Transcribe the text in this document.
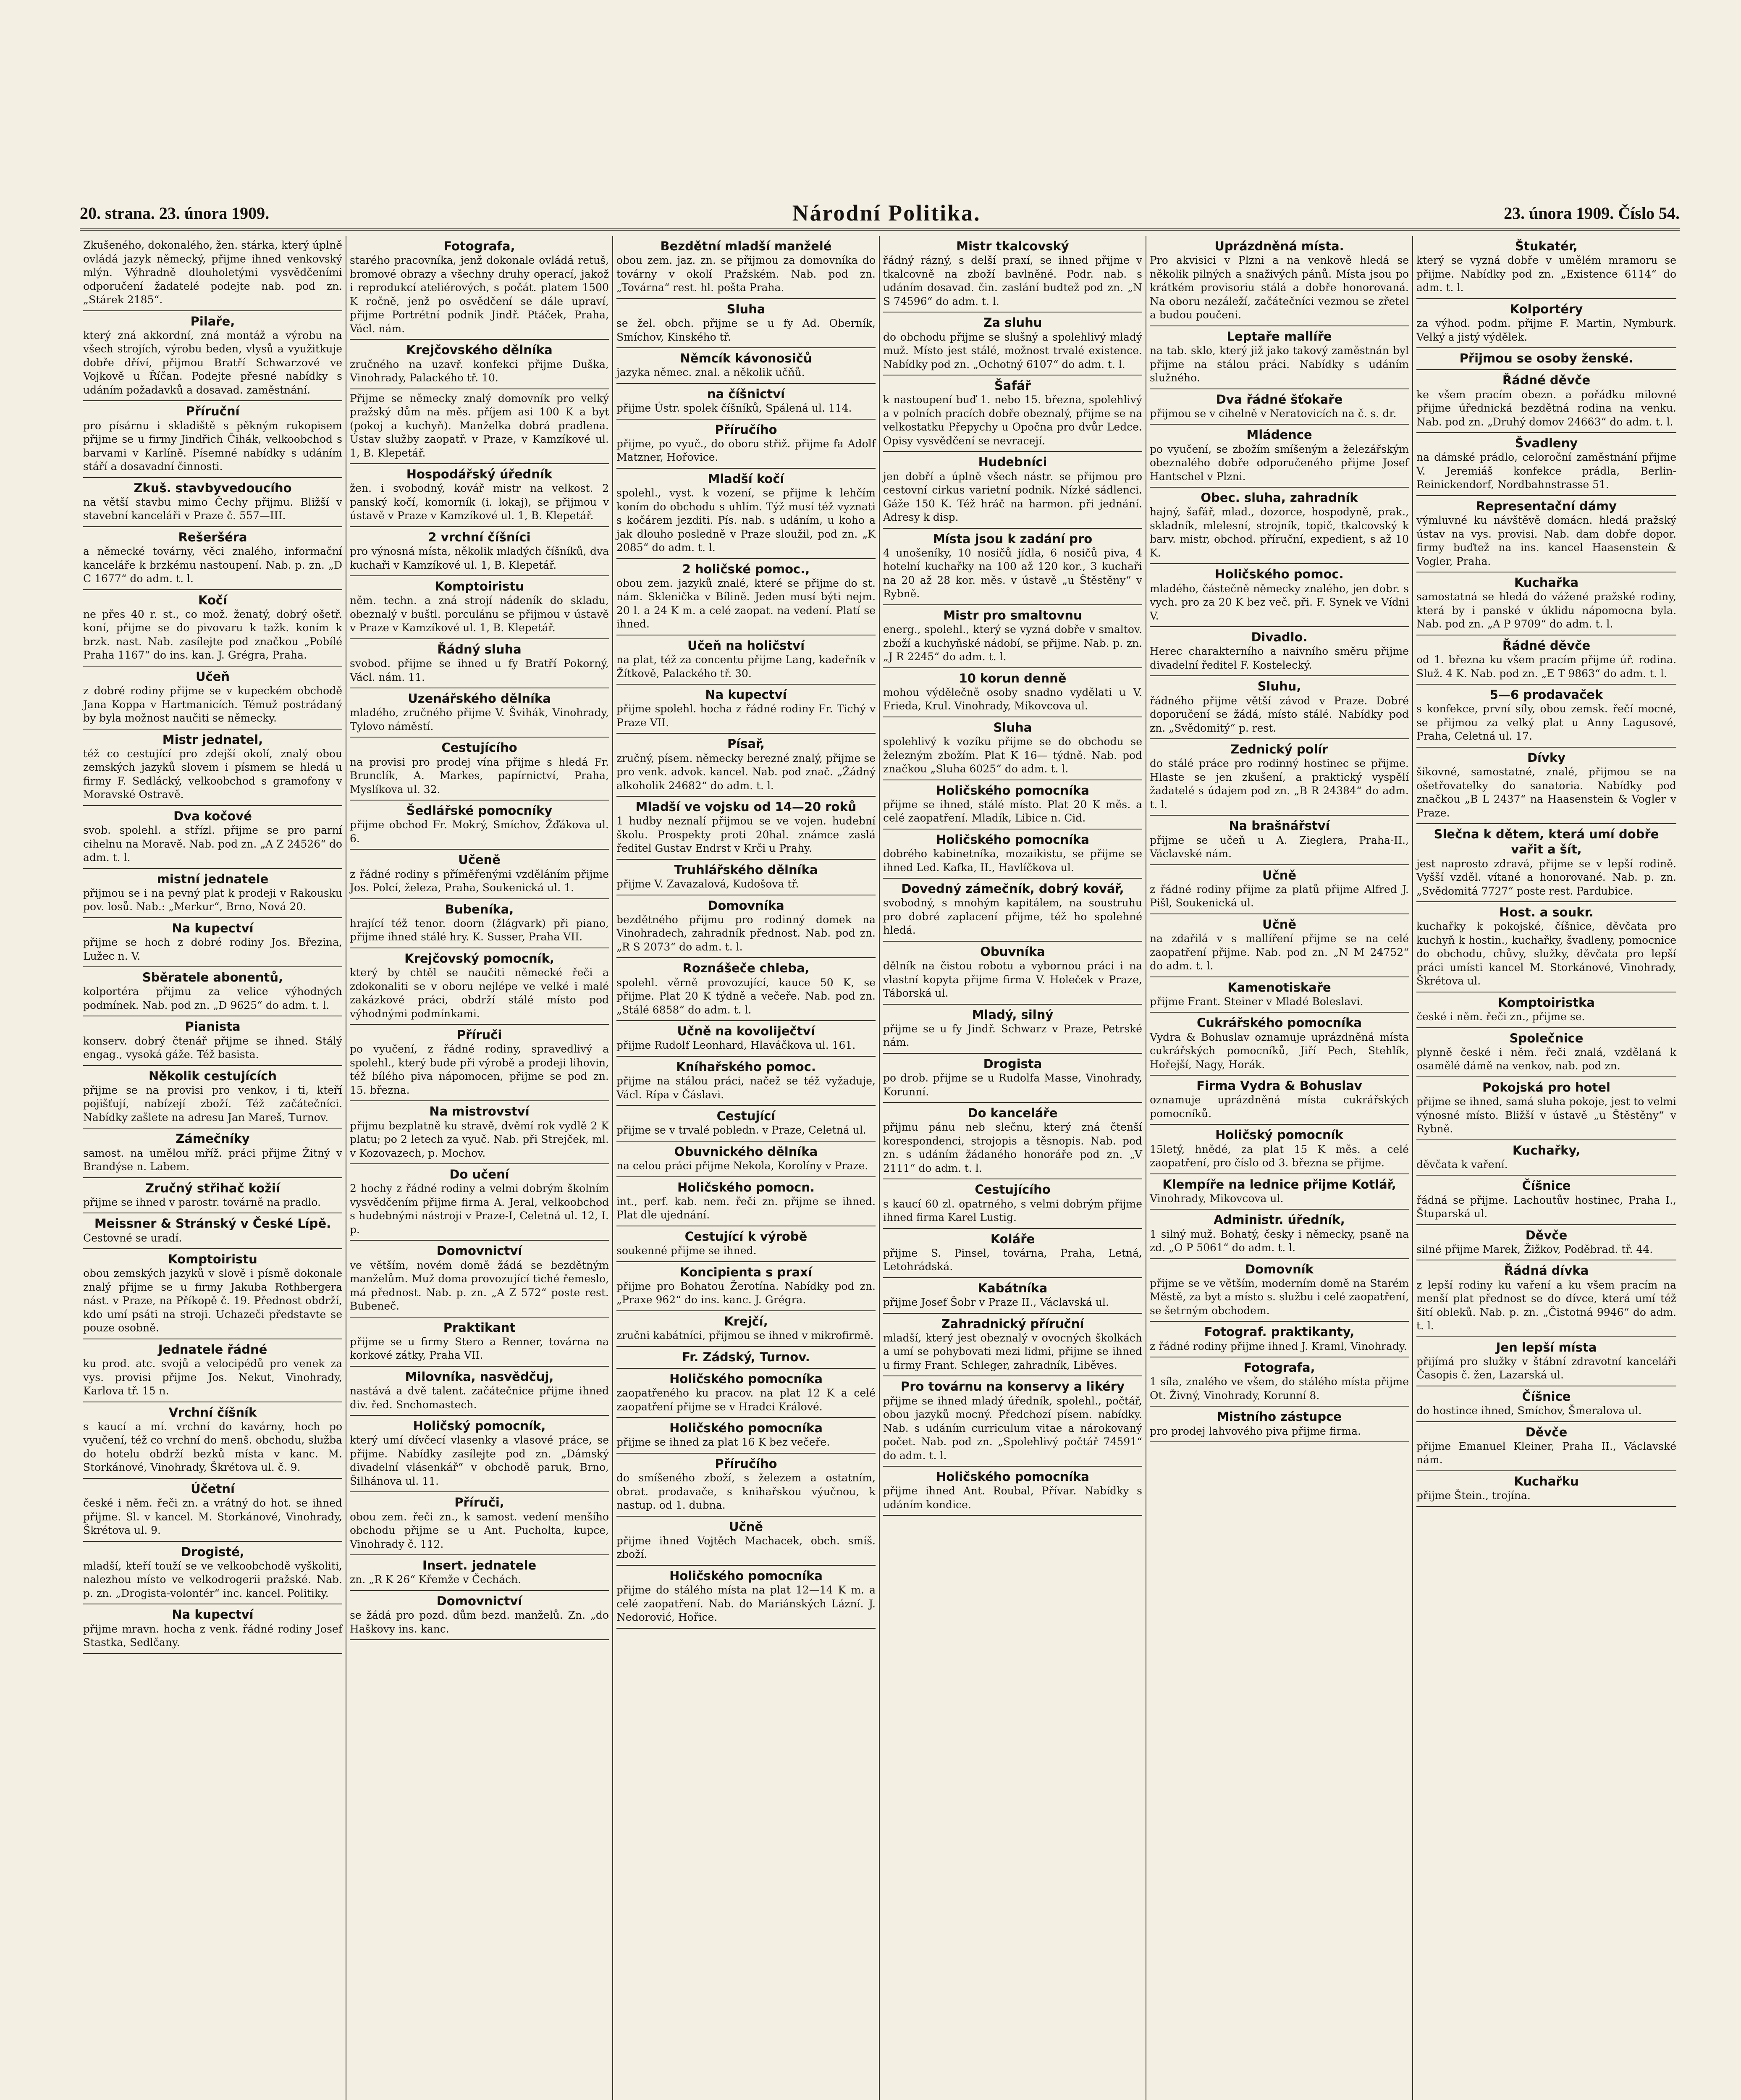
20. strana. 23. února 1909.	Národní Politika.	23. února 1909. Číslo 54.
Zkušeného, dokonalého, žen. stárka, který úplně ovládá jazyk německý, přijme ihned venkovský mlýn. Výhradně dlouholetými vysvědčeními odporučení žadatelé podejte nab. pod zn. „Stárek 2185“.
Pilaře,
který zná akkordní, zná montáž a výrobu na všech strojích, výrobu beden, vlysů a využitkuje dobře dříví, přijmou Bratří Schwarzové ve Vojkově u Říčan. Podejte přesné nabídky s udáním požadavků a dosavad. zaměstnání.
Příruční
pro písárnu i skladiště s pěkným rukopisem přijme se u firmy Jindřich Čihák, velkoobchod s barvami v Karlíně. Písemné nabídky s udáním stáří a dosavadní činnosti.
Zkuš. stavbyvedoucího
na větší stavbu mimo Čechy přijmu. Bližší v stavební kanceláři v Praze č. 557—III.
Rešeršéra
a německé továrny, věci znalého, informační kanceláře k brzkému nastoupení. Nab. p. zn. „D C 1677“ do adm. t. l.
Kočí
ne přes 40 r. st., co mož. ženatý, dobrý ošetř. koní, přijme se do pivovaru k tažk. koním k brzk. nast. Nab. zasílejte pod značkou „Pobílé Praha 1167“ do ins. kan. J. Grégra, Praha.
Učeň
z dobré rodiny přijme se v kupeckém obchodě Jana Koppa v Hartmanicích. Témuž postrádaný by byla možnost naučiti se německy.
Mistr jednatel,
též co cestující pro zdejší okolí, znalý obou zemských jazyků slovem i písmem se hledá u firmy F. Sedlácký, velkoobchod s gramofony v Moravské Ostravě.
Dva kočové
svob. spolehl. a střízl. přijme se pro parní cihelnu na Moravě. Nab. pod zn. „A Z 24526“ do adm. t. l.
mistní jednatele
přijmou se i na pevný plat k prodeji v Rakousku pov. losů. Nab.: „Merkur“, Brno, Nová 20.
Na kupectví
přijme se hoch z dobré rodiny Jos. Březina, Lužec n. V.
Sběratele abonentů,
kolportéra přijmu za velice výhodných podmínek. Nab. pod zn. „D 9625“ do adm. t. l.
Pianista
konserv. dobrý čtenář přijme se ihned. Stálý engag., vysoká gáže. Též basista.
Několik cestujících
přijme se na provisi pro venkov, i ti, kteří pojišťují, nabízejí zboží. Též začátečníci. Nabídky zašlete na adresu Jan Mareš, Turnov.
Zámečníky
samost. na umělou mříž. práci přijme Žitný v Brandýse n. Labem.
Zručný střihač kožií
přijme se ihned v parostr. továrně na pradlo.
Meissner & Stránský v České Lípě.
Cestovné se uradí.
Komptoiristu
obou zemských jazyků v slově i písmě dokonale znalý přijme se u firmy Jakuba Rothbergera nást. v Praze, na Příkopě č. 19. Přednost obdrží, kdo umí psáti na stroji. Uchazeči představte se pouze osobně.
Jednatele řádné
ku prod. atc. svojů a velocipédů pro venek za vys. provisi přijme Jos. Nekut, Vinohrady, Karlova tř. 15 n.
Vrchní číšník
s kaucí a mí. vrchní do kavárny, hoch po vyučení, též co vrchní do menš. obchodu, služba do hotelu obdrží bezků místa v kanc. M. Storkánové, Vinohrady, Škrétova ul. č. 9.
Účetní
české i něm. řeči zn. a vrátný do hot. se ihned přijme. Sl. v kancel. M. Storkánové, Vinohrady, Škrétova ul. 9.
Drogisté,
mladší, kteří touží se ve velkoobchodě vyškoliti, nalezhou místo ve velkodrogerii pražské. Nab. p. zn. „Drogista-volontér“ inc. kancel. Politiky.
Na kupectví
přijme mravn. hocha z venk. řádné rodiny Josef Stastka, Sedlčany.
Fotografa,
starého pracovníka, jenž dokonale ovládá retuš, bromové obrazy a všechny druhy operací, jakož i reprodukcí ateliérových, s počát. platem 1500 K ročně, jenž po osvědčení se dále upraví, přijme Portrétní podnik Jindř. Ptáček, Praha, Václ. nám.
Krejčovského dělníka
zručného na uzavř. konfekci přijme Duška, Vinohrady, Palackého tř. 10.
Přijme se německy znalý domovník pro velký pražský dům na měs. příjem asi 100 K a byt (pokoj a kuchyň). Manželka dobrá pradlena. Ústav služby zaopatř. v Praze, v Kamzíkové ul. 1, B. Klepetář.
Hospodářský úředník
žen. i svobodný, kovář mistr na velkost. 2 panský kočí, komorník (i. lokaj), se přijmou v ústavě v Praze v Kamzíkové ul. 1, B. Klepetář.
2 vrchní číšníci
pro výnosná místa, několik mladých číšníků, dva kuchaři v Kamzíkové ul. 1, B. Klepetář.
Komptoiristu
něm. techn. a zná strojí nádeník do skladu, obeznalý v buštl. porculánu se přijmou v ústavě v Praze v Kamzíkové ul. 1, B. Klepetář.
Řádný sluha
svobod. přijme se ihned u fy Bratří Pokorný, Václ. nám. 11.
Uzenářského dělníka
mladého, zručného přijme V. Švihák, Vinohrady, Tylovo náměstí.
Cestujícího
na provisi pro prodej vína přijme s hledá Fr. Brunclík, A. Markes, papírnictví, Praha, Myslíkova ul. 32.
Šedlářské pomocníky
přijme obchod Fr. Mokrý, Smíchov, Žďákova ul. 6.
Učeně
z řádné rodiny s příměřenými vzděláním přijme Jos. Polcí, železa, Praha, Soukenická ul. 1.
Bubeníka,
hrající též tenor. doorn (žlágvark) při piano, přijme ihned stálé hry. K. Susser, Praha VII.
Krejčovský pomocník,
který by chtěl se naučiti německé řeči a zdokonaliti se v oboru nejlépe ve velké i malé zakázkové práci, obdrží stálé místo pod výhodnými podmínkami.
Příruči
po vyučení, z řádné rodiny, spravedlivý a spolehl., který bude při výrobě a prodeji lihovin, též bílého piva nápomocen, přijme se pod zn. 15. března.
Na mistrovství
přijmu bezplatně ku stravě, dvěmí rok vydlě 2 K platu; po 2 letech za vyuč. Nab. při Strejček, ml. v Kozovazech, p. Mochov.
Do učení
2 hochy z řádné rodiny a velmi dobrým školním vysvědčením přijme firma A. Jeral, velkoobchod s hudebnými nástroji v Praze-I, Celetná ul. 12, I. p.
Domovnictví
ve větším, novém domě žádá se bezdětným manželům. Muž doma provozující tiché řemeslo, má přednost. Nab. p. zn. „A Z 572“ poste rest. Bubeneč.
Praktikant
přijme se u firmy Stero a Renner, továrna na korkové zátky, Praha VII.
Milovníka, nasvědčuj,
nastává a dvě talent. začátečnice přijme ihned div. řed. Snchomastech.
Holičský pomocník,
který umí dívčecí vlasenky a vlasové práce, se přijme. Nabídky zasílejte pod zn. „Dámský divadelní vlásenkář“ v obchodě paruk, Brno, Šilhánova ul. 11.
Příruči,
obou zem. řeči zn., k samost. vedení menšího obchodu přijme se u Ant. Pucholta, kupce, Vinohrady č. 112.
Insert. jednatele
zn. „R K 26“ Křemže v Čechách.
Domovnictví
se žádá pro pozd. dům bezd. manželů. Zn. „do Haškovy ins. kanc.
Bezdětní mladší manželé
obou zem. jaz. zn. se přijmou za domovníka do továrny v okolí Pražském. Nab. pod zn. „Továrna“ rest. hl. pošta Praha.
Sluha
se žel. obch. přijme se u fy Ad. Oberník, Smíchov, Kinského tř.
Němcík kávonosičů
jazyka němec. znal. a několik učňů.
na číšnictví
přijme Ústr. spolek číšníků, Spálená ul. 114.
Příručího
přijme, po vyuč., do oboru střiž. přijme fa Adolf Matzner, Hořovice.
Mladší kočí
spolehl., vyst. k vození, se přijme k lehčím koním do obchodu s uhlím. Týž musí též vyznati s kočárem jezditi. Pís. nab. s udáním, u koho a jak dlouho posledně v Praze sloužil, pod zn. „K 2085“ do adm. t. l.
2 holičské pomoc.,
obou zem. jazyků znalé, které se přijme do st. nám. Sklenička v Bílině. Jeden musí býti nejm. 20 l. a 24 K m. a celé zaopat. na vedení. Platí se ihned.
Učeň na holičství
na plat, též za concentu přijme Lang, kadeřník v Žítkově, Palackého tř. 30.
Na kupectví
přijme spolehl. hocha z řádné rodiny Fr. Tichý v Praze VII.
Písař,
zručný, písem. německy berezné znalý, přijme se pro venk. advok. kancel. Nab. pod znač. „Žádný alkoholik 24682“ do adm. t. l.
Mladší ve vojsku od 14—20 roků
1 hudby neznalí přijmou se ve vojen. hudební školu. Prospekty proti 20hal. známce zaslá ředitel Gustav Endrst v Krči u Prahy.
Truhlářského dělníka
přijme V. Zavazalová, Kudošova tř.
Domovníka
bezdětného přijmu pro rodinný domek na Vinohradech, zahradník přednost. Nab. pod zn. „R S 2073“ do adm. t. l.
Roznášeče chleba,
spolehl. věrně provozující, kauce 50 K, se přijme. Plat 20 K týdně a večeře. Nab. pod zn. „Stálé 6858“ do adm. t. l.
Učně na kovoliječtví
přijme Rudolf Leonhard, Hlaváčkova ul. 161.
Kníhařského pomoc.
přijme na stálou práci, načež se též vyžaduje, Václ. Rípa v Čáslavi.
Cestující
přijme se v trvalé pobledn. v Praze, Celetná ul.
Obuvnického dělníka
na celou práci přijme Nekola, Korolíny v Praze.
Holičského pomocn.
int., perf. kab. nem. řeči zn. přijme se ihned. Plat dle ujednání.
Cestující k výrobě
soukenné přijme se ihned.
Koncipienta s praxí
přijme pro Bohatou Žerotína. Nabídky pod zn. „Praxe 962“ do ins. kanc. J. Grégra.
Krejčí,
zručni kabátníci, přijmou se ihned v mikrofirmě.
Fr. Zádský, Turnov.
Holičského pomocníka
zaopatřeného ku pracov. na plat 12 K a celé zaopatření přijme se v Hradci Králové.
Holičského pomocníka
přijme se ihned za plat 16 K bez večeře.
Příručího
do smíšeného zboží, s železem a ostatním, obrat. prodavače, s knihařskou výučnou, k nastup. od 1. dubna.
Učně
přijme ihned Vojtěch Machacek, obch. smíš. zboží.
Holičského pomocníka
přijme do stálého místa na plat 12—14 K m. a celé zaopatření. Nab. do Mariánských Lázní. J. Nedorović, Hořice.
Mistr tkalcovský
řádný rázný, s delší praxí, se ihned přijme v tkalcovně na zboží bavlněné. Podr. nab. s udáním dosavad. čin. zaslání budtež pod zn. „N S 74596“ do adm. t. l.
Za sluhu
do obchodu přijme se slušný a spolehlivý mladý muž. Místo jest stálé, možnost trvalé existence. Nabídky pod zn. „Ochotný 6107“ do adm. t. l.
Šafář
k nastoupení buď 1. nebo 15. března, spolehlivý a v polních pracích dobře obeznalý, přijme se na velkostatku Přepychy u Opočna pro dvůr Ledce. Opisy vysvědčení se nevracejí.
Hudebníci
jen dobří a úplně všech nástr. se přijmou pro cestovní cirkus varietní podnik. Nízké sádlenci. Gáže 150 K. Též hráč na harmon. při jednání. Adresy k disp.
Místa jsou k zadání pro
4 unošeníky, 10 nosičů jídla, 6 nosičů piva, 4 hotelní kuchařky na 100 až 120 kor., 3 kuchaři na 20 až 28 kor. měs. v ústavě „u Štěstěny“ v Rybně.
Mistr pro smaltovnu
energ., spolehl., který se vyzná dobře v smaltov. zboží a kuchyňské nádobí, se přijme. Nab. p. zn. „J R 2245“ do adm. t. l.
10 korun denně
mohou výdělečně osoby snadno vydělati u V. Frieda, Krul. Vinohrady, Mikovcova ul.
Sluha
spolehlivý k vozíku přijme se do obchodu se železným zbožím. Plat K 16— týdně. Nab. pod značkou „Sluha 6025“ do adm. t. l.
Holičského pomocníka
přijme se ihned, stálé místo. Plat 20 K měs. a celé zaopatření. Mladík, Libice n. Cid.
Holičského pomocníka
dobrého kabinetníka, mozaikistu, se přijme se ihned Led. Kafka, II., Havlíčkova ul.
Dovedný zámečník, dobrý kovář,
svobodný, s mnohým kapitálem, na soustruhu pro dobré zaplacení přijme, též ho spolehné hledá.
Obuvníka
dělník na čistou robotu a vybornou práci i na vlastní kopyta přijme firma V. Holeček v Praze, Táborská ul.
Mladý, silný
přijme se u fy Jindř. Schwarz v Praze, Petrské nám.
Drogista
po drob. přijme se u Rudolfa Masse, Vinohrady, Korunní.
Do kanceláře
přijmu pánu neb slečnu, který zná čtenší korespondenci, strojopis a těsnopis. Nab. pod zn. s udáním žádaného honoráře pod zn. „V 2111“ do adm. t. l.
Cestujícího
s kaucí 60 zl. opatrného, s velmi dobrým přijme ihned firma Karel Lustig.
Koláře
přijme S. Pinsel, továrna, Praha, Letná, Letohrádská.
Kabátníka
přijme Josef Šobr v Praze II., Václavská ul.
Zahradnický příruční
mladší, který jest obeznalý v ovocných školkách a umí se pohybovati mezi lidmi, přijme se ihned u firmy Frant. Schleger, zahradník, Liběves.
Pro továrnu na konservy a likéry
přijme se ihned mladý úředník, spolehl., počtář, obou jazyků mocný. Předchozí písem. nabídky. Nab. s udáním curriculum vitae a nárokovaný počet. Nab. pod zn. „Spolehlivý počtář 74591“ do adm. t. l.
Holičského pomocníka
přijme ihned Ant. Roubal, Přívar. Nabídky s udáním kondice.
Uprázdněná místa.
Pro akvisici v Plzni a na venkově hledá se několik pilných a snaživých pánů. Místa jsou po krátkém provisoriu stálá a dobře honorovaná. Na oboru nezáleží, začátečníci vezmou se zřetel a budou poučeni.
Leptaře mallíře
na tab. sklo, který již jako takový zaměstnán byl přijme na stálou práci. Nabídky s udáním služného.
Dva řádné šťokaře
přijmou se v cihelně v Neratovicích na č. s. dr.
Mládence
po vyučení, se zbožím smíšeným a železářským obeznalého dobře odporučeného přijme Josef Hantschel v Plzni.
Obec. sluha, zahradník
hajný, šafář, mlad., dozorce, hospodyně, prak., skladník, mlelesní, strojník, topič, tkalcovský k barv. mistr, obchod. příruční, expedient, s až 10 K.
Holičského pomoc.
mladého, částečně německy znalého, jen dobr. s vych. pro za 20 K bez več. při. F. Synek ve Vídni V.
Divadlo.
Herec charakterního a naivního směru přijme divadelní ředitel F. Kostelecký.
Sluhu,
řádného přijme větší závod v Praze. Dobré doporučení se žádá, místo stálé. Nabídky pod zn. „Svědomitý“ p. rest.
Zednický polír
do stálé práce pro rodinný hostinec se přijme. Hlaste se jen zkušení, a praktický vyspělí žadatelé s údajem pod zn. „B R 24384“ do adm. t. l.
Na brašnářství
přijme se učeň u A. Zieglera, Praha-II., Václavské nám.
Učně
z řádné rodiny přijme za platů přijme Alfred J. Pišl, Soukenická ul.
Učně
na zdařilá v s mallíření přijme se na celé zaopatření přijme. Nab. pod zn. „N M 24752“ do adm. t. l.
Kamenotiskaře
přijme Frant. Steiner v Mladé Boleslavi.
Cukrářského pomocníka
Vydra & Bohuslav oznamuje uprázdněná místa cukrářských pomocníků, Jiří Pech, Stehlík, Hořejší, Nagy, Horák.
Firma Vydra & Bohuslav
oznamuje uprázdněná místa cukrářských pomocníků.
Holičský pomocník
15letý, hnědé, za plat 15 K měs. a celé zaopatření, pro číslo od 3. března se přijme.
Klempíře na lednice přijme Kotlář,
Vinohrady, Mikovcova ul.
Administr. úředník,
1 silný muž. Bohatý, česky i německy, psaně na zd. „O P 5061“ do adm. t. l.
Domovník
přijme se ve větším, moderním domě na Starém Městě, za byt a místo s. službu i celé zaopatření, se šetrným obchodem.
Fotograf. praktikanty,
z řádné rodiny přijme ihned J. Kraml, Vinohrady.
Fotografa,
1 síla, znalého ve všem, do stálého místa přijme Ot. Živný, Vinohrady, Korunní 8.
Mistního zástupce
pro prodej lahvového piva přijme firma.
Štukatér,
který se vyzná dobře v umělém mramoru se přijme. Nabídky pod zn. „Existence 6114“ do adm. t. l.
Kolportéry
za výhod. podm. přijme F. Martin, Nymburk. Velký a jistý výdělek.
Přijmou se osoby ženské.
Řádné děvče
ke všem pracím obezn. a pořádku milovné přijme úřednická bezdětná rodina na venku. Nab. pod zn. „Druhý domov 24663“ do adm. t. l.
Švadleny
na dámské prádlo, celoroční zaměstnání přijme V. Jeremiáš konfekce prádla, Berlin-Reinickendorf, Nordbahnstrasse 51.
Representační dámy
výmluvné ku návštěvě domácn. hledá pražský ústav na vys. provisi. Nab. dam dobře dopor. firmy buďtež na ins. kancel Haasenstein & Vogler, Praha.
Kuchařka
samostatná se hledá do vážené pražské rodiny, která by i panské v úklidu nápomocna byla. Nab. pod zn. „A P 9709“ do adm. t. l.
Řádné děvče
od 1. března ku všem pracím přijme úř. rodina. Služ. 4 K. Nab. pod zn. „E T 9863“ do adm. t. l.
5—6 prodavaček
s konfekce, první síly, obou zemsk. řečí mocné, se přijmou za velký plat u Anny Lagusové, Praha, Celetná ul. 17.
Dívky
šikovné, samostatné, znalé, přijmou se na ošetřovatelky do sanatoria. Nabídky pod značkou „B L 2437“ na Haasenstein & Vogler v Praze.
Slečna k dětem, která umí dobře vařit a šít,
jest naprosto zdravá, přijme se v lepší rodině. Vyšší vzděl. vítané a honorované. Nab. p. zn. „Svědomitá 7727“ poste rest. Pardubice.
Host. a soukr.
kuchařky k pokojské, číšnice, děvčata pro kuchyň k hostin., kuchařky, švadleny, pomocnice do obchodu, chůvy, služky, děvčata pro lepší práci umísti kancel M. Storkánové, Vinohrady, Škrétova ul.
Komptoiristka
české i něm. řeči zn., přijme se.
Společnice
plynně české i něm. řeči znalá, vzdělaná k osamělé dámě na venkov, nab. pod zn.
Pokojská pro hotel
přijme se ihned, samá sluha pokoje, jest to velmi výnosné místo. Bližší v ústavě „u Štěstěny“ v Rybně.
Kuchařky,
děvčata k vaření.
Číšnice
řádná se přijme. Lachoutův hostinec, Praha I., Štuparská ul.
Děvče
silné přijme Marek, Žižkov, Poděbrad. tř. 44.
Řádná dívka
z lepší rodiny ku vaření a ku všem pracím na menší plat přednost se do dívce, která umí též šití obleků. Nab. p. zn. „Čistotná 9946“ do adm. t. l.
Jen lepší místa
přijímá pro služky v štábní zdravotní kanceláři Časopis č. žen, Lazarská ul.
Číšnice
do hostince ihned, Smíchov, Šmeralova ul.
Děvče
přijme Emanuel Kleiner, Praha II., Václavské nám.
Kuchařku
přijme Štein., trojína.
